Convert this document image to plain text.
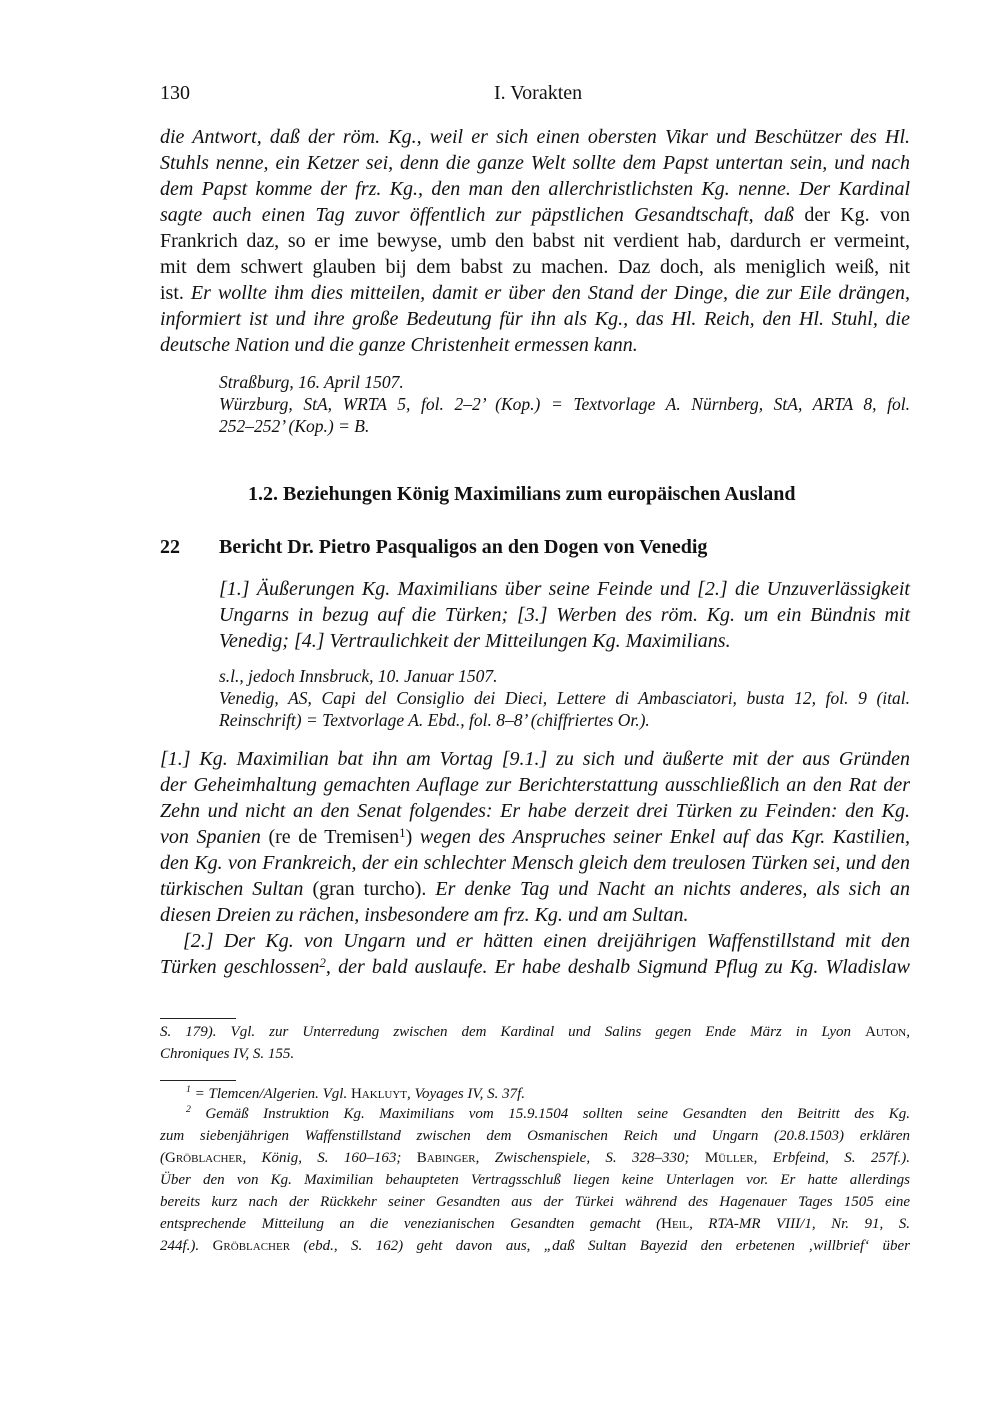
130	I. Vorakten
die Antwort, daß der röm. Kg., weil er sich einen obersten Vikar und Beschützer des Hl.
Stuhls nenne, ein Ketzer sei, denn die ganze Welt sollte dem Papst untertan sein, und nach
dem Papst komme der frz. Kg., den man den allerchristlichsten Kg. nenne. Der Kardinal
sagte auch einen Tag zuvor öffentlich zur päpstlichen Gesandtschaft, daß der Kg. von
Frankrich daz, so er ime bewyse, umb den babst nit verdient hab, dardurch er vermeint,
mit dem schwert glauben bij dem babst zu machen. Daz doch, als meniglich weiß, nit
ist. Er wollte ihm dies mitteilen, damit er über den Stand der Dinge, die zur Eile drängen,
informiert ist und ihre große Bedeutung für ihn als Kg., das Hl. Reich, den Hl. Stuhl, die
deutsche Nation und die ganze Christenheit ermessen kann.
Straßburg, 16. April 1507.
Würzburg, StA, WRTA 5, fol. 2–2’ (Kop.) = Textvorlage A. Nürnberg, StA, ARTA 8, fol.
252–252’ (Kop.) = B.
1.2. Beziehungen König Maximilians zum europäischen Ausland
22 Bericht Dr. Pietro Pasqualigos an den Dogen von Venedig
[1.] Äußerungen Kg. Maximilians über seine Feinde und [2.] die Unzuverlässigkeit
Ungarns in bezug auf die Türken; [3.] Werben des röm. Kg. um ein Bündnis mit
Venedig; [4.] Vertraulichkeit der Mitteilungen Kg. Maximilians.
s.l., jedoch Innsbruck, 10. Januar 1507.
Venedig, AS, Capi del Consiglio dei Dieci, Lettere di Ambasciatori, busta 12, fol. 9 (ital.
Reinschrift) = Textvorlage A. Ebd., fol. 8–8’ (chiffriertes Or.).
[1.] Kg. Maximilian bat ihn am Vortag [9.1.] zu sich und äußerte mit der aus Gründen
der Geheimhaltung gemachten Auflage zur Berichterstattung ausschließlich an den Rat der
Zehn und nicht an den Senat folgendes: Er habe derzeit drei Türken zu Feinden: den Kg.
von Spanien (re de Tremisen$^1$) wegen des Anspruches seiner Enkel auf das Kgr. Kastilien,
den Kg. von Frankreich, der ein schlechter Mensch gleich dem treulosen Türken sei, und den
türkischen Sultan (gran turcho). Er denke Tag und Nacht an nichts anderes, als sich an
diesen Dreien zu rächen, insbesondere am frz. Kg. und am Sultan.
[2.] Der Kg. von Ungarn und er hätten einen dreijährigen Waffenstillstand mit den
Türken geschlossen$^2$, der bald auslaufe. Er habe deshalb Sigmund Pflug zu Kg. Wladislaw
S. 179). Vgl. zur Unterredung zwischen dem Kardinal und Salins gegen Ende März in Lyon Auton,
Chroniques IV, S. 155.
$^1$ = Tlemcen/Algerien. Vgl. Hakluyt, Voyages IV, S. 37f.
$^2$ Gemäß Instruktion Kg. Maximilians vom 15.9.1504 sollten seine Gesandten den Beitritt des Kg.
zum siebenjährigen Waffenstillstand zwischen dem Osmanischen Reich und Ungarn (20.8.1503) erklären
(Gröblacher, König, S. 160–163; Babinger, Zwischenspiele, S. 328–330; Müller, Erbfeind, S. 257f.).
Über den von Kg. Maximilian behaupteten Vertragsschluß liegen keine Unterlagen vor. Er hatte allerdings
bereits kurz nach der Rückkehr seiner Gesandten aus der Türkei während des Hagenauer Tages 1505 eine
entsprechende Mitteilung an die venezianischen Gesandten gemacht (Heil, RTA-MR VIII/1, Nr. 91, S.
244f.). Gröblacher (ebd., S. 162) geht davon aus, „daß Sultan Bayezid den erbetenen ‚willbrief‘ über
